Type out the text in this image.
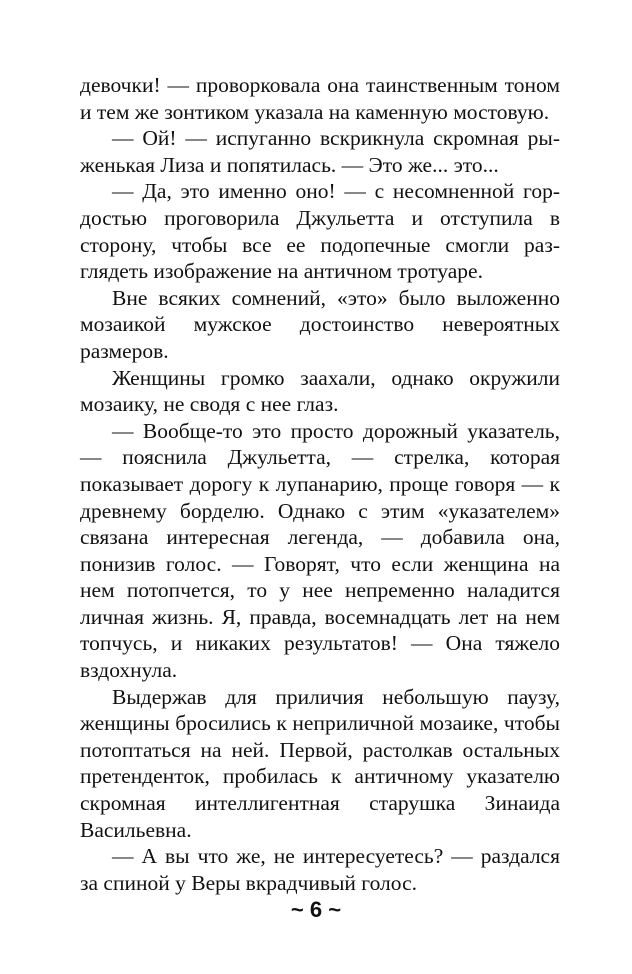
девочки! — проворковала она таинственным тоном и тем же зонтиком указала на каменную мостовую.

— Ой! — испуганно вскрикнула скромная рыженькая Лиза и попятилась. — Это же... это...

— Да, это именно оно! — с несомненной гордостью проговорила Джульетта и отступила в сторону, чтобы все ее подопечные смогли разглядеть изображение на античном тротуаре.

Вне всяких сомнений, «это» было выложенно мозаикой мужское достоинство невероятных размеров.

Женщины громко заахали, однако окружили мозаику, не сводя с нее глаз.

— Вообще-то это просто дорожный указатель, — пояснила Джульетта, — стрелка, которая показывает дорогу к лупанарию, проще говоря — к древнему борделю. Однако с этим «указателем» связана интересная легенда, — добавила она, понизив голос. — Говорят, что если женщина на нем потопчется, то у нее непременно наладится личная жизнь. Я, правда, восемнадцать лет на нем топчусь, и никаких результатов! — Она тяжело вздохнула.

Выдержав для приличия небольшую паузу, женщины бросились к неприличной мозаике, чтобы потоптаться на ней. Первой, растолкав остальных претенденток, пробилась к античному указателю скромная интеллигентная старушка Зинаида Васильевна.

— А вы что же, не интересуетесь? — раздался за спиной у Веры вкрадчивый голос.

~ 6 ~
